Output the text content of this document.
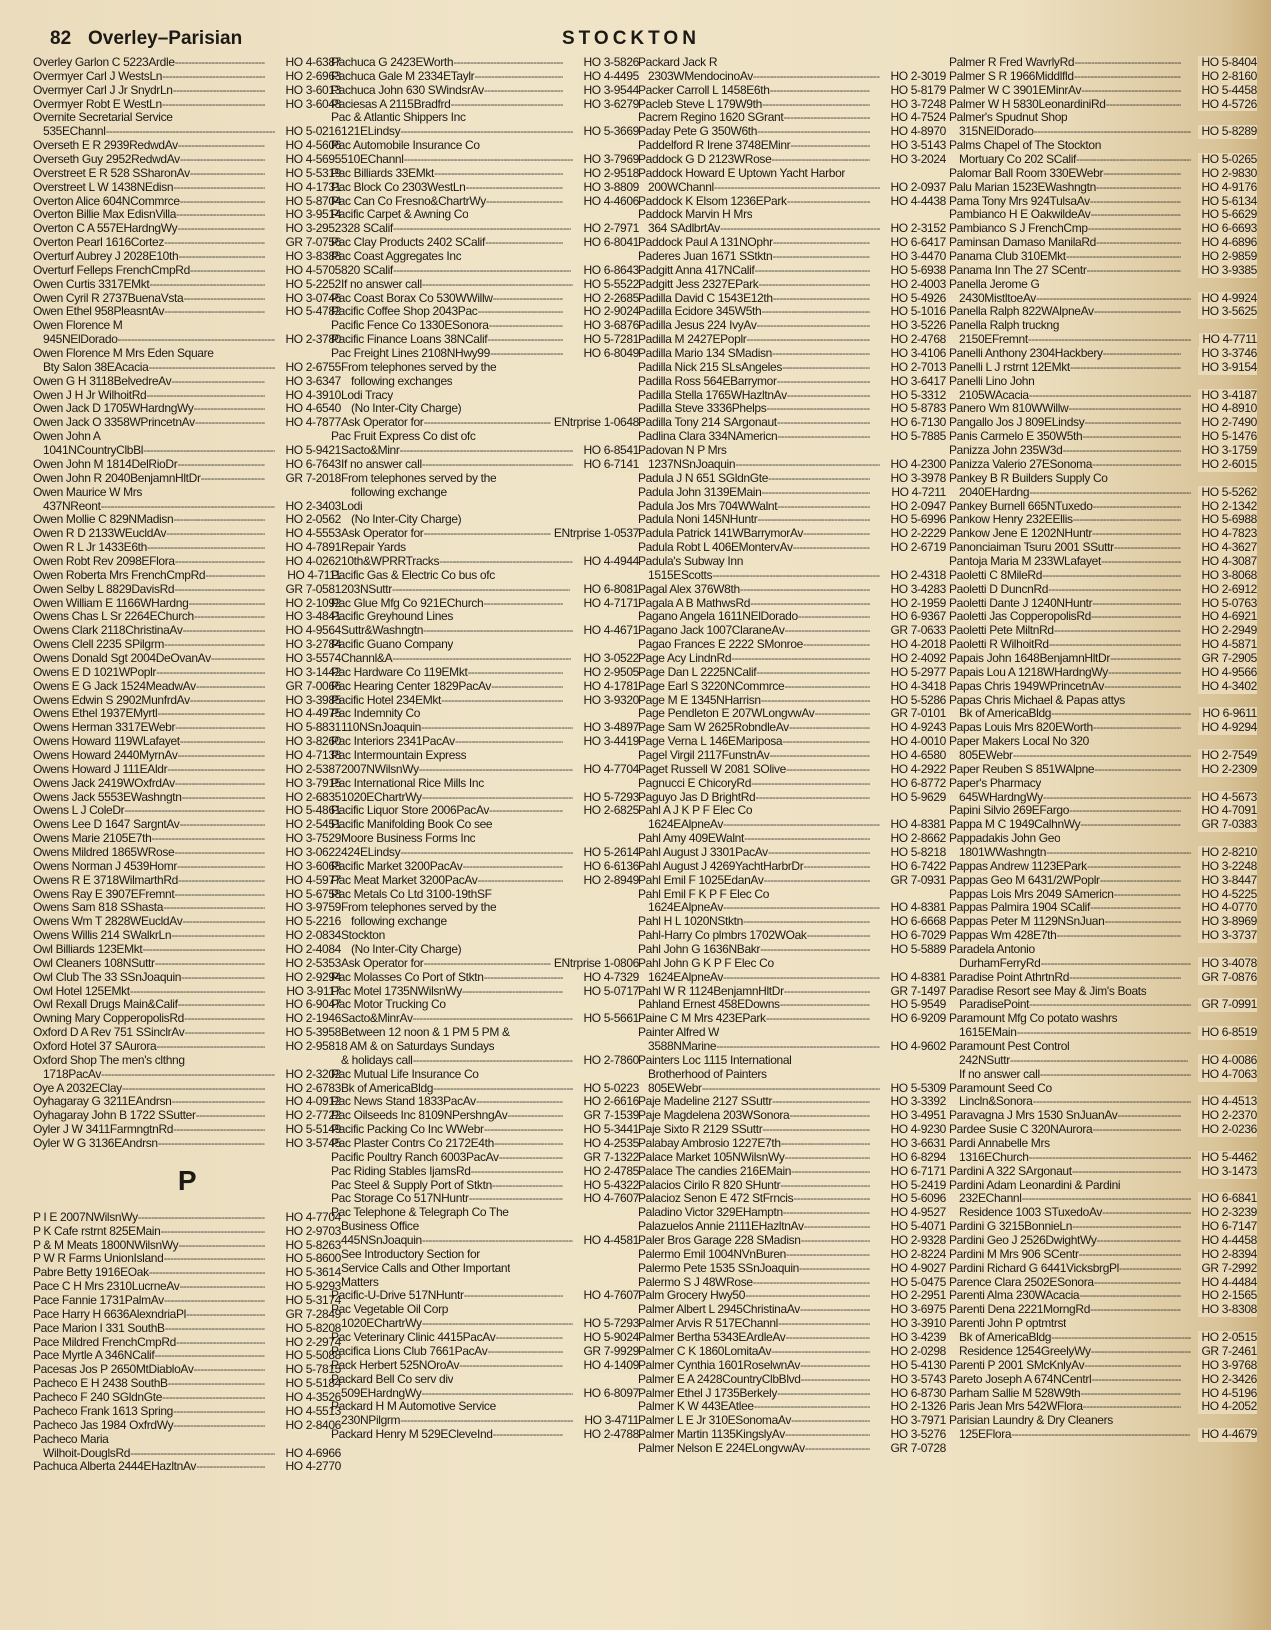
82 Overley–Parisian	STOCKTON
Overley Garlon C 5223Ardle - - -	HO 4-6387
Overmyer Carl J WestsLn - - -	HO 2-6963
Overmyer Carl J Jr SnydrLn - - -	HO 3-6013
Overmyer Robt E WestLn - - -	HO 3-6048
Overnite Secretarial Service
535EChannl - - -	HO 5-0216
Overseth E R 2939RedwdAv - - -	HO 4-5606
Overseth Guy 2952RedwdAv - - -	HO 4-5695
Overstreet E R 528 SSharonAv - - -	HO 5-5319
Overstreet L W 1438NEdisn - - -	HO 4-1731
Overton Alice 604NCommrce - - -	HO 5-8704
Overton Billie Max EdisnVilla - - -	HO 3-9514
Overton C A 557EHardngWy - - -	HO 3-2952
Overton Pearl 1616Cortez - - -	GR 7-0756
Overturf Aubrey J 2028E10th - - -	HO 3-8388
Overturf Felleps FrenchCmpRd - - -	HO 4-5705
Owen Curtis 3317EMkt - - -	HO 5-2252
Owen Cyril R 2737BuenaVsta - - -	HO 3-0746
Owen Ethel 958PleasntAv - - -	HO 5-4782
Owen Florence M
945NElDorado - - -	HO 2-3780
Owen Florence M Mrs Eden Square
Bty Salon 38EAcacia - - -	HO 2-6755
Owen G H 3118BelvedreAv - - -	HO 3-6347
Owen J H Jr WilhoitRd - - -	HO 4-3910
Owen Jack D 1705WHardngWy - - -	HO 4-6540
Owen Jack O 3358WPrincetnAv - - -	HO 4-7877
Owen John A
1041NCountryClbBl - - -	HO 5-9421
Owen John M 1814DelRioDr - - -	HO 6-7643
Owen John R 2040BenjamnHltDr - - -	GR 7-2018
Owen Maurice W Mrs
437NReont - - -	HO 2-3403
Owen Mollie C 829NMadisn - - -	HO 2-0562
Owen R D 2133WEucldAv - - -	HO 4-5553
Owen R L Jr 1433E6th - - -	HO 4-7891
Owen Robt Rev 2098EFlora - - -	HO 4-0262
Owen Roberta Mrs FrenchCmpRd - - -	HO 4-7111
Owen Selby L 8829DavisRd - - -	GR 7-0581
Owen William E 1166WHardng - - -	HO 2-1092
Owens Chas L Sr 2264EChurch - - -	HO 3-4841
Owens Clark 2118ChristinaAv - - -	HO 4-9564
Owens Clell 2235 SPilgrm - - -	HO 3-2784
Owens Donald Sgt 2004DeOvanAv - - -	HO 3-5574
Owens E D 1021WPoplr - - -	HO 3-1442
Owens E G Jack 1524MeadwAv - - -	GR 7-0066
Owens Edwin S 2902MunfrdAv - - -	HO 3-3985
Owens Ethel 1937EMyrtl - - -	HO 4-4975
Owens Herman 3317EWebr - - -	HO 5-8831
Owens Howard 119WLafayet - - -	HO 3-8260
Owens Howard 2440MyrnAv - - -	HO 4-7138
Owens Howard J 111EAldr - - -	HO 2-5387
Owens Jack 2419WOxfrdAv - - -	HO 3-7915
Owens Jack 5553EWashngtn - - -	HO 2-6835
Owens L J ColeDr - - -	HO 5-4861
Owens Lee D 1647 SargntAv - - -	HO 2-5451
Owens Marie 2105E7th - - -	HO 3-7529
Owens Mildred 1865WRose - - -	HO 3-0622
Owens Norman J 4539Homr - - -	HO 3-6068
Owens R E 3718WilmarthRd - - -	HO 4-5977
Owens Ray E 3907EFremnt - - -	HO 5-6758
Owens Sam 818 SShasta - - -	HO 3-9759
Owens Wm T 2828WEucldAv - - -	HO 5-2216
Owens Willis 214 SWalkrLn - - -	HO 2-0834
Owl Billiards 123EMkt - - -	HO 2-4084
Owl Cleaners 108NSuttr - - -	HO 2-5353
Owl Club The 33 SSnJoaquin - - -	HO 2-9294
Owl Hotel 125EMkt - - -	HO 3-9117
Owl Rexall Drugs Main&Calif - - -	HO 6-9047
Owning Mary CopperopolisRd - - -	HO 2-1946
Oxford D A Rev 751 SSinclrAv - - -	HO 5-3958
Oxford Hotel 37 SAurora - - -	HO 2-9581
Oxford Shop The men's clthng
1718PacAv - - -	HO 2-3202
Oye A 2032EClay - - -	HO 2-6783
Oyhagaray G 3211EAndrsn - - -	HO 4-0912
Oyhagaray John B 1722 SSutter - - -	HO 2-7722
Oyler J W 3411FarmngtnRd - - -	HO 5-5149
Oyler W G 3136EAndrsn - - -	HO 3-5745
P
P I E 2007NWilsnWy - - -	HO 4-7704
P K Cafe rstrnt 825EMain - - -	HO 2-9703
P & M Meats 1800NWilsnWy - - -	HO 5-8263
P W R Farms UnionIsland - - -	HO 5-8600
Pabre Betty 1916EOak - - -	HO 5-3614
Pace C H Mrs 2310LucrneAv - - -	HO 5-9293
Pace Fannie 1731PalmAv - - -	HO 5-3174
Pace Harry H 6636AlexndriaPl - - -	GR 7-2849
Pace Marion I 331 SouthB - - -	HO 5-8208
Pace Mildred FrenchCmpRd - - -	HO 2-2974
Pace Myrtle A 346NCalif - - -	HO 5-5088
Pacesas Jos P 2650MtDiabloAv - - -	HO 5-7815
Pacheco E H 2438 SouthB - - -	HO 5-5184
Pacheco F 240 SGldnGte - - -	HO 4-3526
Pacheco Frank 1613 Spring - - -	HO 4-5513
Pacheco Jas 1984 OxfrdWy - - -	HO 2-8406
Pacheco Maria
Wilhoit-DouglsRd - - -	HO 4-6966
Pachuca Alberta 2444EHazltnAv - - -	HO 4-2770
Pachuca G 2423EWorth - - -	HO 3-5826
Pachuca Gale M 2334ETaylr - - -	HO 4-4495
Pachuca John 630 SWindsrAv - - -	HO 3-9544
Paciesas A 2115Bradfrd - - -	HO 3-6279
Pac & Atlantic Shippers Inc
121ELindsy - - -	HO 5-3669
Pac Automobile Insurance Co
510EChannl - - -	HO 3-7969
Pac Billiards 33EMkt - - -	HO 2-9518
Pac Block Co 2303WestLn - - -	HO 3-8809
Pac Can Co Fresno&ChartrWy - - -	HO 4-4606
Pacific Carpet & Awning Co
328 SCalif - - -	HO 2-7971
Pac Clay Products 2402 SCalif - - -	HO 6-8041
Pac Coast Aggregates Inc
820 SCalif - - -	HO 6-8643
If no answer call - - -	HO 5-5522
Pac Coast Borax Co 530WWillw - - -	HO 2-2685
Pacific Coffee Shop 2043Pac - - -	HO 2-9024
Pacific Fence Co 1330ESonora - - -	HO 3-6876
Pacific Finance Loans 38NCalif - - -	HO 5-7281
Pac Freight Lines 2108NHwy99 - - -	HO 6-8049
From telephones served by the
following exchanges
Lodi Tracy
(No Inter-City Charge)
Ask Operator for - - -	ENtrprise 1-0648
Pac Fruit Express Co dist ofc
Sacto&Minr - - -	HO 6-8541
If no answer call - - -	HO 6-7141
From telephones served by the
following exchange
Lodi
(No Inter-City Charge)
Ask Operator for - - -	ENtrprise 1-0537
Repair Yards
10th&WPRRTracks - - -	HO 4-4944
Pacific Gas & Electric Co bus ofc
203NSuttr - - -	HO 6-8081
Pac Glue Mfg Co 921EChurch - - -	HO 4-7171
Pacific Greyhound Lines
Suttr&Washngtn - - -	HO 4-4671
Pacific Guano Company
Channl&A - - -	HO 3-0522
Pac Hardware Co 119EMkt - - -	HO 2-9505
Pac Hearing Center 1829PacAv - - -	HO 4-1781
Pacific Hotel 234EMkt - - -	HO 3-9320
Pac Indemnity Co
110NSnJoaquin - - -	HO 3-4897
Pac Interiors 2341PacAv - - -	HO 3-4419
Pac Intermountain Express
2007NWilsnWy - - -	HO 4-7704
Pac International Rice Mills Inc
1020EChartrWy - - -	HO 5-7293
Pacific Liquor Store 2006PacAv - - -	HO 2-6825
Pacific Manifolding Book Co see
Moore Business Forms Inc
424ELindsy - - -	HO 5-2614
Pacific Market 3200PacAv - - -	HO 6-6136
Pac Meat Market 3200PacAv - - -	HO 2-8949
Pac Metals Co Ltd 3100-19thSF
From telephones served by the
following exchange
Stockton
(No Inter-City Charge)
Ask Operator for - - -	ENtrprise 1-0806
Pac Molasses Co Port of Stktn - - -	HO 4-7329
Pac Motel 1735NWilsnWy - - -	HO 5-0717
Pac Motor Trucking Co
Sacto&MinrAv - - -	HO 5-5661
Between 12 noon & 1 PM 5 PM &
8 AM & on Saturdays Sundays
& holidays call - - -	HO 2-7860
Pac Mutual Life Insurance Co
Bk of AmericaBldg - - -	HO 5-0223
Pac News Stand 1833PacAv - - -	HO 2-6616
Pac Oilseeds Inc 8109NPershngAv - - -	GR 7-1539
Pacific Packing Co Inc WWebr - - -	HO 5-3441
Pac Plaster Contrs Co 2172E4th - - -	HO 4-2535
Pacific Poultry Ranch 6003PacAv - - -	GR 7-1322
Pac Riding Stables IjamsRd - - -	HO 2-4785
Pac Steel & Supply Port of Stktn - - -	HO 5-4322
Pac Storage Co 517NHuntr - - -	HO 4-7607
Pac Telephone & Telegraph Co The
Business Office
445NSnJoaquin - - -	HO 4-4581
See Introductory Section for
Service Calls and Other Important
Matters
Pacific-U-Drive 517NHuntr - - -	HO 4-7607
Pac Vegetable Oil Corp
1020EChartrWy - - -	HO 5-7293
Pac Veterinary Clinic 4415PacAv - - -	HO 5-9024
Pacifica Lions Club 7661PacAv - - -	GR 7-9929
Pack Herbert 525NOroAv - - -	HO 4-1409
Packard Bell Co serv div
509EHardngWy - - -	HO 6-8097
Packard H M Automotive Service
230NPilgrm - - -	HO 3-4711
Packard Henry M 529ECleveInd - - -	HO 2-4788
Packard Jack R
2303WMendocinoAv - - -	HO 2-3019
Packer Carroll L 1458E6th - - -	HO 5-8179
Pacleb Steve L 179W9th - - -	HO 3-7248
Pacrem Regino 1620 SGrant - - -	HO 4-7524
Paday Pete G 350W6th - - -	HO 4-8970
Paddelford R Irene 3748EMinr - - -	HO 3-5143
Paddock G D 2123WRose - - -	HO 3-2024
Paddock Howard E Uptown Yacht Harbor
200WChannl - - -	HO 2-0937
Paddock K Elsom 1236EPark - - -	HO 4-4438
Paddock Marvin H Mrs
364 SAdlbrtAv - - -	HO 2-3152
Paddock Paul A 131NOphr - - -	HO 6-6417
Paderes Juan 1671 SStktn - - -	HO 3-4470
Padgitt Anna 417NCalif - - -	HO 5-6938
Padgitt Jess 2327EPark - - -	HO 2-4003
Padilla David C 1543E12th - - -	HO 5-4926
Padilla Ecidore 345W5th - - -	HO 5-1016
Padilla Jesus 224 IvyAv - - -	HO 3-5226
Padilla M 2427EPoplr - - -	HO 2-4768
Padilla Mario 134 SMadisn - - -	HO 3-4106
Padilla Nick 215 SLsAngeles - - -	HO 2-7013
Padilla Ross 564EBarrymor - - -	HO 3-6417
Padilla Stella 1765WHazltnAv - - -	HO 5-3312
Padilla Steve 3336Phelps - - -	HO 5-8783
Padilla Tony 214 SArgonaut - - -	HO 6-7130
Padlina Clara 334NAmericn - - -	HO 5-7885
Padovan N P Mrs
1237NSnJoaquin - - -	HO 4-2300
Padula J N 651 SGldnGte - - -	HO 3-3978
Padula John 3139EMain - - -	HO 4-7211
Padula Jos Mrs 704WWalnt - - -	HO 2-0947
Padula Noni 145NHuntr - - -	HO 5-6996
Padula Patrick 141WBarrymorAv - - -	HO 2-2229
Padula Robt L 406EMontervAv - - -	HO 2-6719
Padula's Subway Inn
1515EScotts - - -	HO 2-4318
Pagal Alex 376W8th - - -	HO 3-4283
Pagala A B MathwsRd - - -	HO 2-1959
Pagano Angela 1611NElDorado - - -	HO 6-9367
Pagano Jack 1007ClaraneAv - - -	GR 7-0633
Pagao Frances E 2222 SMonroe - - -	HO 4-2018
Page Acy LindnRd - - -	HO 2-4092
Page Dan L 2225NCalif - - -	HO 5-2977
Page Earl S 3220NCommrce - - -	HO 4-3418
Page M E 1345NHarrisn - - -	HO 5-5286
Page Pendleton E 207WLongvwAv - - -	GR 7-0101
Page Sam W 2625RobndleAv - - -	HO 4-9243
Page Verna L 146EMariposa - - -	HO 4-0010
Pagel Virgil 2117FunstnAv - - -	HO 4-6580
Paget Russell W 2081 SOlive - - -	HO 4-2922
Pagnucci E ChicoryRd - - -	HO 6-8772
Paguyo Jas D BrightRd - - -	HO 5-9629
Pahl A J K P F Elec Co
1624EAlpneAv - - -	HO 4-8381
Pahl Amy 409EWalnt - - -	HO 2-8662
Pahl August J 3301PacAv - - -	HO 5-8218
Pahl August J 4269YachtHarbrDr - - -	HO 6-7422
Pahl Emil F 1025EdanAv - - -	GR 7-0931
Pahl Emil F K P F Elec Co
1624EAlpneAv - - -	HO 4-8381
Pahl H L 1020NStktn - - -	HO 6-6668
Pahl-Harry Co plmbrs 1702WOak - - -	HO 6-7029
Pahl John G 1636NBakr - - -	HO 5-5889
Pahl John G K P F Elec Co
1624EAlpneAv - - -	HO 4-8381
Pahl W R 1124BenjamnHltDr - - -	GR 7-1497
Pahland Ernest 458EDowns - - -	HO 5-9549
Paine C M Mrs 423EPark - - -	HO 6-9209
Painter Alfred W
3588NMarine - - -	HO 4-9602
Painters Loc 1115 International
Brotherhood of Painters
805EWebr - - -	HO 5-5309
Paje Madeline 2127 SSuttr - - -	HO 3-3392
Paje Magdelena 203WSonora - - -	HO 3-4951
Paje Sixto R 2129 SSuttr - - -	HO 4-9230
Palabay Ambrosio 1227E7th - - -	HO 3-6631
Palace Market 105NWilsnWy - - -	HO 6-8294
Palace The candies 216EMain - - -	HO 6-7171
Palacios Cirilo R 820 SHuntr - - -	HO 5-2419
Palacioz Senon E 472 StFrncis - - -	HO 5-6096
Paladino Victor 329EHamptn - - -	HO 4-9527
Palazuelos Annie 2111EHazltnAv - - -	HO 5-4071
Paler Bros Garage 228 SMadisn - - -	HO 2-9328
Palermo Emil 1004NVnBuren - - -	HO 2-8224
Palermo Pete 1535 SSnJoaquin - - -	HO 4-9027
Palermo S J 48WRose - - -	HO 5-0475
Palm Grocery Hwy50 - - -	HO 2-2951
Palmer Albert L 2945ChristinaAv - - -	HO 3-6975
Palmer Arvis R 517EChannl - - -	HO 3-3910
Palmer Bertha 5343EArdleAv - - -	HO 3-4239
Palmer C K 1860LomitaAv - - -	HO 2-0298
Palmer Cynthia 1601RoselwnAv - - -	HO 5-4130
Palmer E A 2428CountryClbBlvd - - -	HO 3-5743
Palmer Ethel J 1735Berkely - - -	HO 6-8730
Palmer K W 443EAtlee - - -	HO 2-1326
Palmer L E Jr 310ESonomaAv - - -	HO 3-7971
Palmer Martin 1135KingslyAv - - -	HO 3-5276
Palmer Nelson E 224ELongvwAv - - -	GR 7-0728
Palmer R Fred WavrlyRd - - -	HO 5-8404
Palmer S R 1966Middlfld - - -	HO 2-8160
Palmer W C 3901EMinrAv - - -	HO 5-4458
Palmer W H 5830LeonardiniRd - - -	HO 4-5726
Palmer's Spudnut Shop
315NElDorado - - -	HO 5-8289
Palms Chapel of The Stockton
Mortuary Co 202 SCalif - - -	HO 5-0265
Palomar Ball Room 330EWebr - - -	HO 2-9830
Palu Marian 1523EWashngtn - - -	HO 4-9176
Pama Tony Mrs 924TulsaAv - - -	HO 5-6134
Pambianco H E OakwildeAv - - -	HO 5-6629
Pambianco S J FrenchCmp - - -	HO 6-6693
Paminsan Damaso ManilaRd - - -	HO 4-6896
Panama Club 310EMkt - - -	HO 2-9859
Panama Inn The 27 SCentr - - -	HO 3-9385
Panella Jerome G
2430MistltoeAv - - -	HO 4-9924
Panella Ralph 822WAlpneAv - - -	HO 3-5625
Panella Ralph truckng
2150EFremnt - - -	HO 4-7711
Panelli Anthony 2304Hackbery - - -	HO 3-3746
Panelli L J rstrnt 12EMkt - - -	HO 3-9154
Panelli Lino John
2105WAcacia - - -	HO 3-4187
Panero Wm 810WWillw - - -	HO 4-8910
Pangallo Jos J 809ELindsy - - -	HO 2-7490
Panis Carmelo E 350W5th - - -	HO 5-1476
Panizza John 235W3d - - -	HO 3-1759
Panizza Valerio 27ESonoma - - -	HO 2-6015
Pankey B R Builders Supply Co
2040EHardng - - -	HO 5-5262
Pankey Burnell 665NTuxedo - - -	HO 2-1342
Pankow Henry 232EEllis - - -	HO 5-6988
Pankow Jene E 1202NHuntr - - -	HO 4-7823
Panonciaiman Tsuru 2001 SSuttr - - -	HO 4-3627
Pantoja Maria M 233WLafayet - - -	HO 4-3087
Paoletti C 8MileRd - - -	HO 3-8068
Paoletti D DuncnRd - - -	HO 2-6912
Paoletti Dante J 1240NHuntr - - -	HO 5-0763
Paoletti Jas CopperopolisRd - - -	HO 4-6921
Paoletti Pete MiltnRd - - -	HO 2-2949
Paoletti R WilhoitRd - - -	HO 4-5871
Papais John 1648BenjamnHltDr - - -	GR 7-2905
Papais Lou A 1218WHardngWy - - -	HO 4-9566
Papas Chris 1949WPrincetnAv - - -	HO 4-3402
Papas Chris Michael & Papas attys
Bk of AmericaBldg - - -	HO 6-9611
Papas Louis Mrs 820EWorth - - -	HO 4-9294
Paper Makers Local No 320
805EWebr - - -	HO 2-7549
Paper Reuben S 851WAlpne - - -	HO 2-2309
Paper's Pharmacy
645WHardngWy - - -	HO 4-5673
Papini Silvio 269EFargo - - -	HO 4-7091
Pappa M C 1949CalhnWy - - -	GR 7-0383
Pappadakis John Geo
1801WWashngtn - - -	HO 2-8210
Pappas Andrew 1123EPark - - -	HO 3-2248
Pappas Geo M 6431/2WPoplr - - -	HO 3-8447
Pappas Lois Mrs 2049 SAmericn - - -	HO 4-5225
Pappas Palmira 1904 SCalif - - -	HO 4-0770
Pappas Peter M 1129NSnJuan - - -	HO 3-8969
Pappas Wm 428E7th - - -	HO 3-3737
Paradela Antonio
DurhamFerryRd - - -	HO 3-4078
Paradise Point AthrtnRd - - -	GR 7-0876
Paradise Resort see May & Jim's Boats
ParadisePoint - - -	GR 7-0991
Paramount Mfg Co potato washrs
1615EMain - - -	HO 6-8519
Paramount Pest Control
242NSuttr - - -	HO 4-0086
If no answer call - - -	HO 4-7063
Paramount Seed Co
Lincln&Sonora - - -	HO 4-4513
Paravagna J Mrs 1530 SnJuanAv - - -	HO 2-2370
Pardee Susie C 320NAurora - - -	HO 2-0236
Pardi Annabelle Mrs
1316EChurch - - -	HO 5-4462
Pardini A 322 SArgonaut - - -	HO 3-1473
Pardini Adam Leonardini & Pardini
232EChannl - - -	HO 6-6841
Residence 1003 STuxedoAv - - -	HO 2-3239
Pardini G 3215BonnieLn - - -	HO 6-7147
Pardini Geo J 2526DwightWy - - -	HO 4-4458
Pardini M Mrs 906 SCentr - - -	HO 2-8394
Pardini Richard G 6441VicksbrgPl - - -	GR 7-2992
Parence Clara 2502ESonora - - -	HO 4-4484
Parenti Alma 230WAcacia - - -	HO 2-1565
Parenti Dena 2221MorngRd - - -	HO 3-8308
Parenti John P optmtrst
Bk of AmericaBldg - - -	HO 2-0515
Residence 1254GreelyWy - - -	GR 7-2461
Parenti P 2001 SMcKnlyAv - - -	HO 3-9768
Pareto Joseph A 674NCentrl - - -	HO 2-3426
Parham Sallie M 528W9th - - -	HO 4-5196
Paris Jean Mrs 542WFlora - - -	HO 4-2052
Parisian Laundry & Dry Cleaners
125EFlora - - -	HO 4-4679
